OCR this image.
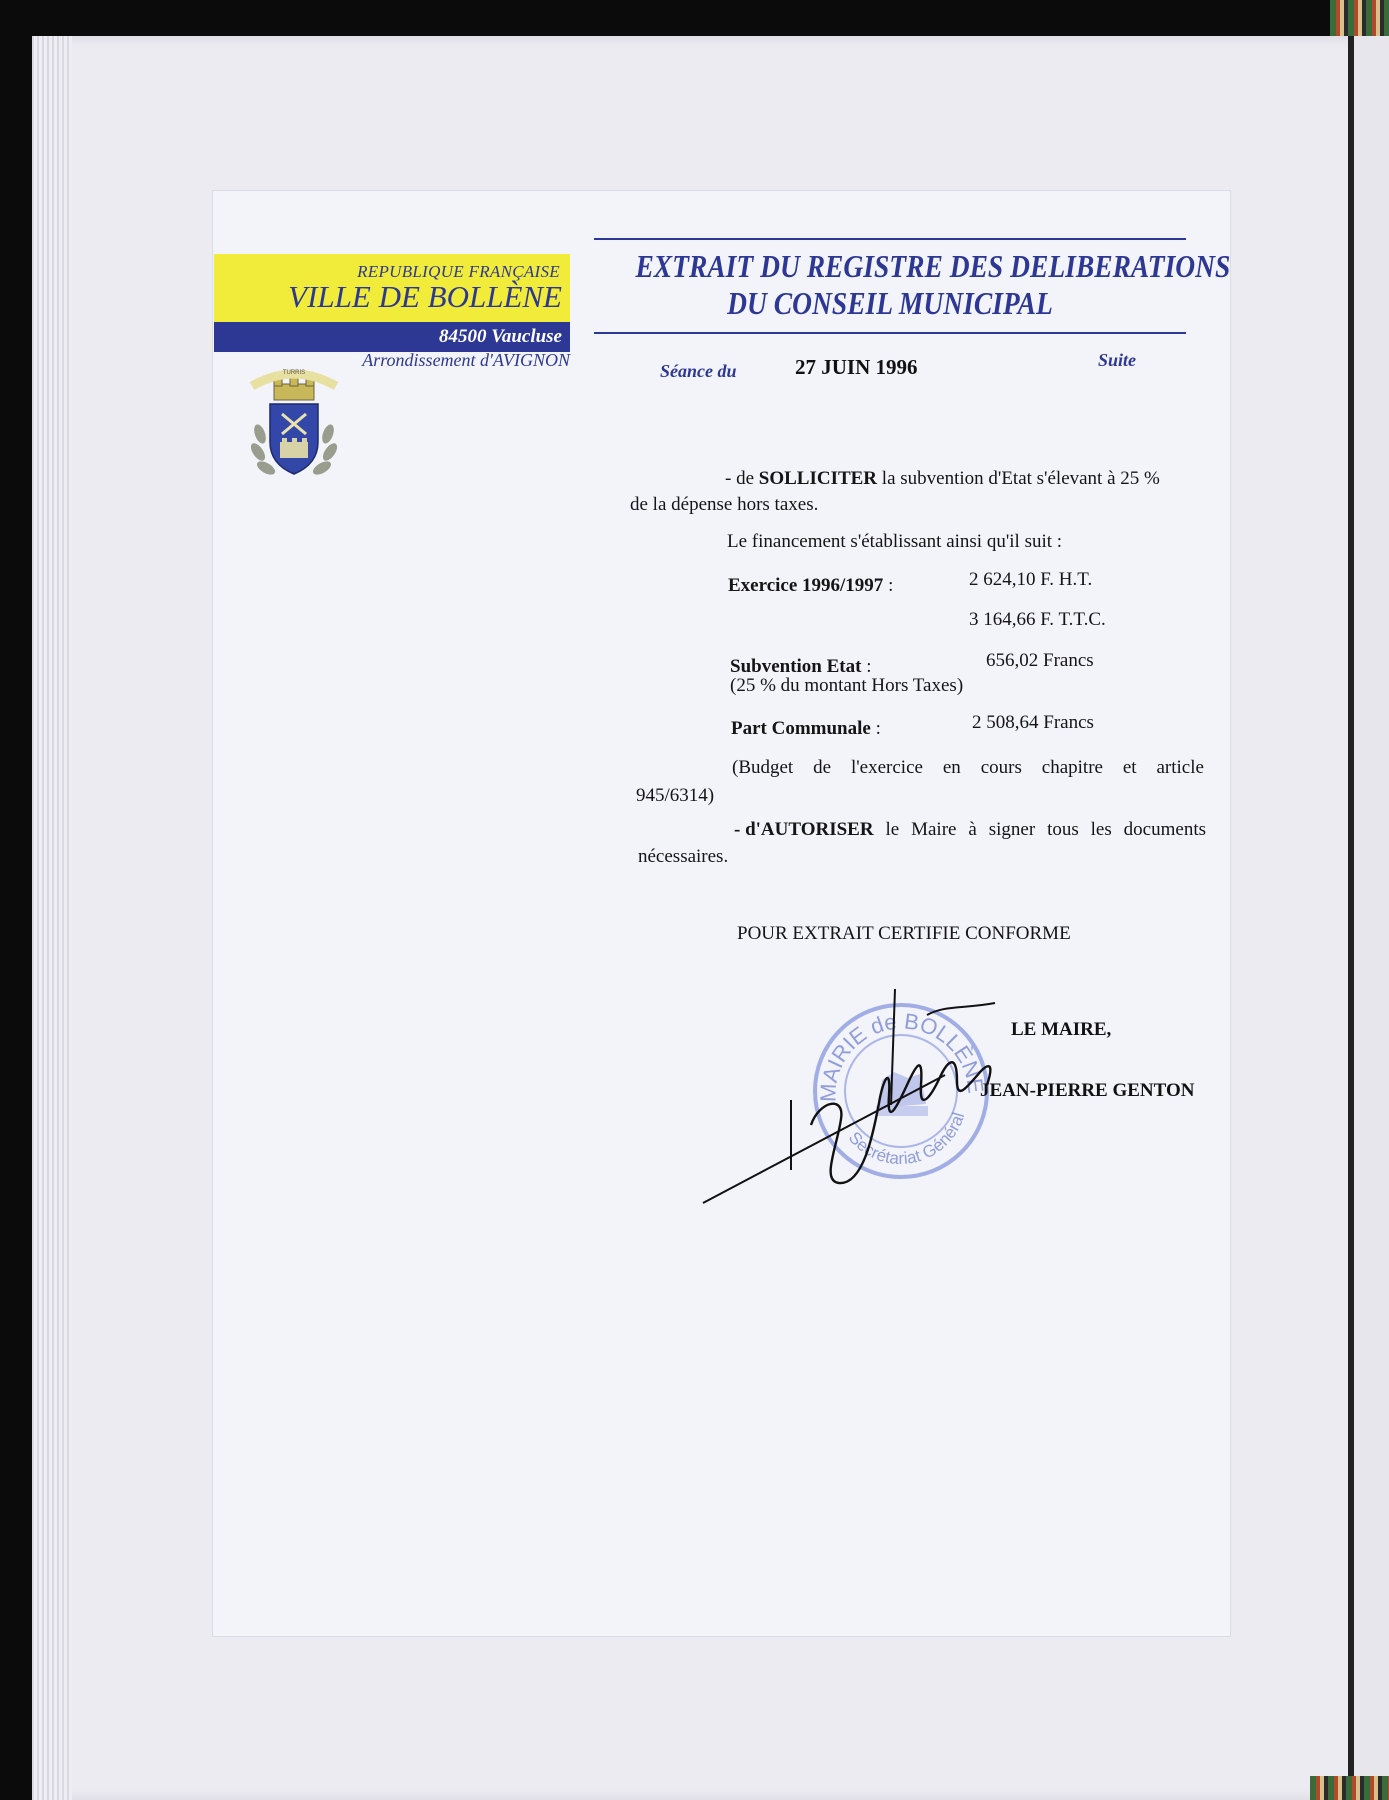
REPUBLIQUE FRANÇAISE
VILLE DE BOLLÈNE
84500 Vaucluse
Arrondissement d'AVIGNON
TURRIS
EXTRAIT DU REGISTRE DES DELIBERATIONS
DU CONSEIL MUNICIPAL
Séance du	27 JUIN 1996	Suite
- de SOLLICITER la subvention d'Etat s'élevant à 25 %
de la dépense hors taxes.
Le financement s'établissant ainsi qu'il suit :
Exercice 1996/1997 :	2 624,10 F. H.T.
3 164,66 F. T.T.C.
Subvention Etat :	656,02 Francs
(25 % du montant Hors Taxes)
Part Communale :	2 508,64 Francs
(Budget de l'exercice en cours chapitre et article
945/6314)
- d'AUTORISER le Maire à signer tous les documents
nécessaires.
POUR EXTRAIT CERTIFIE CONFORME
MAIRIE de BOLLÈNE
Secrétariat Général
LE MAIRE,
JEAN-PIERRE GENTON
